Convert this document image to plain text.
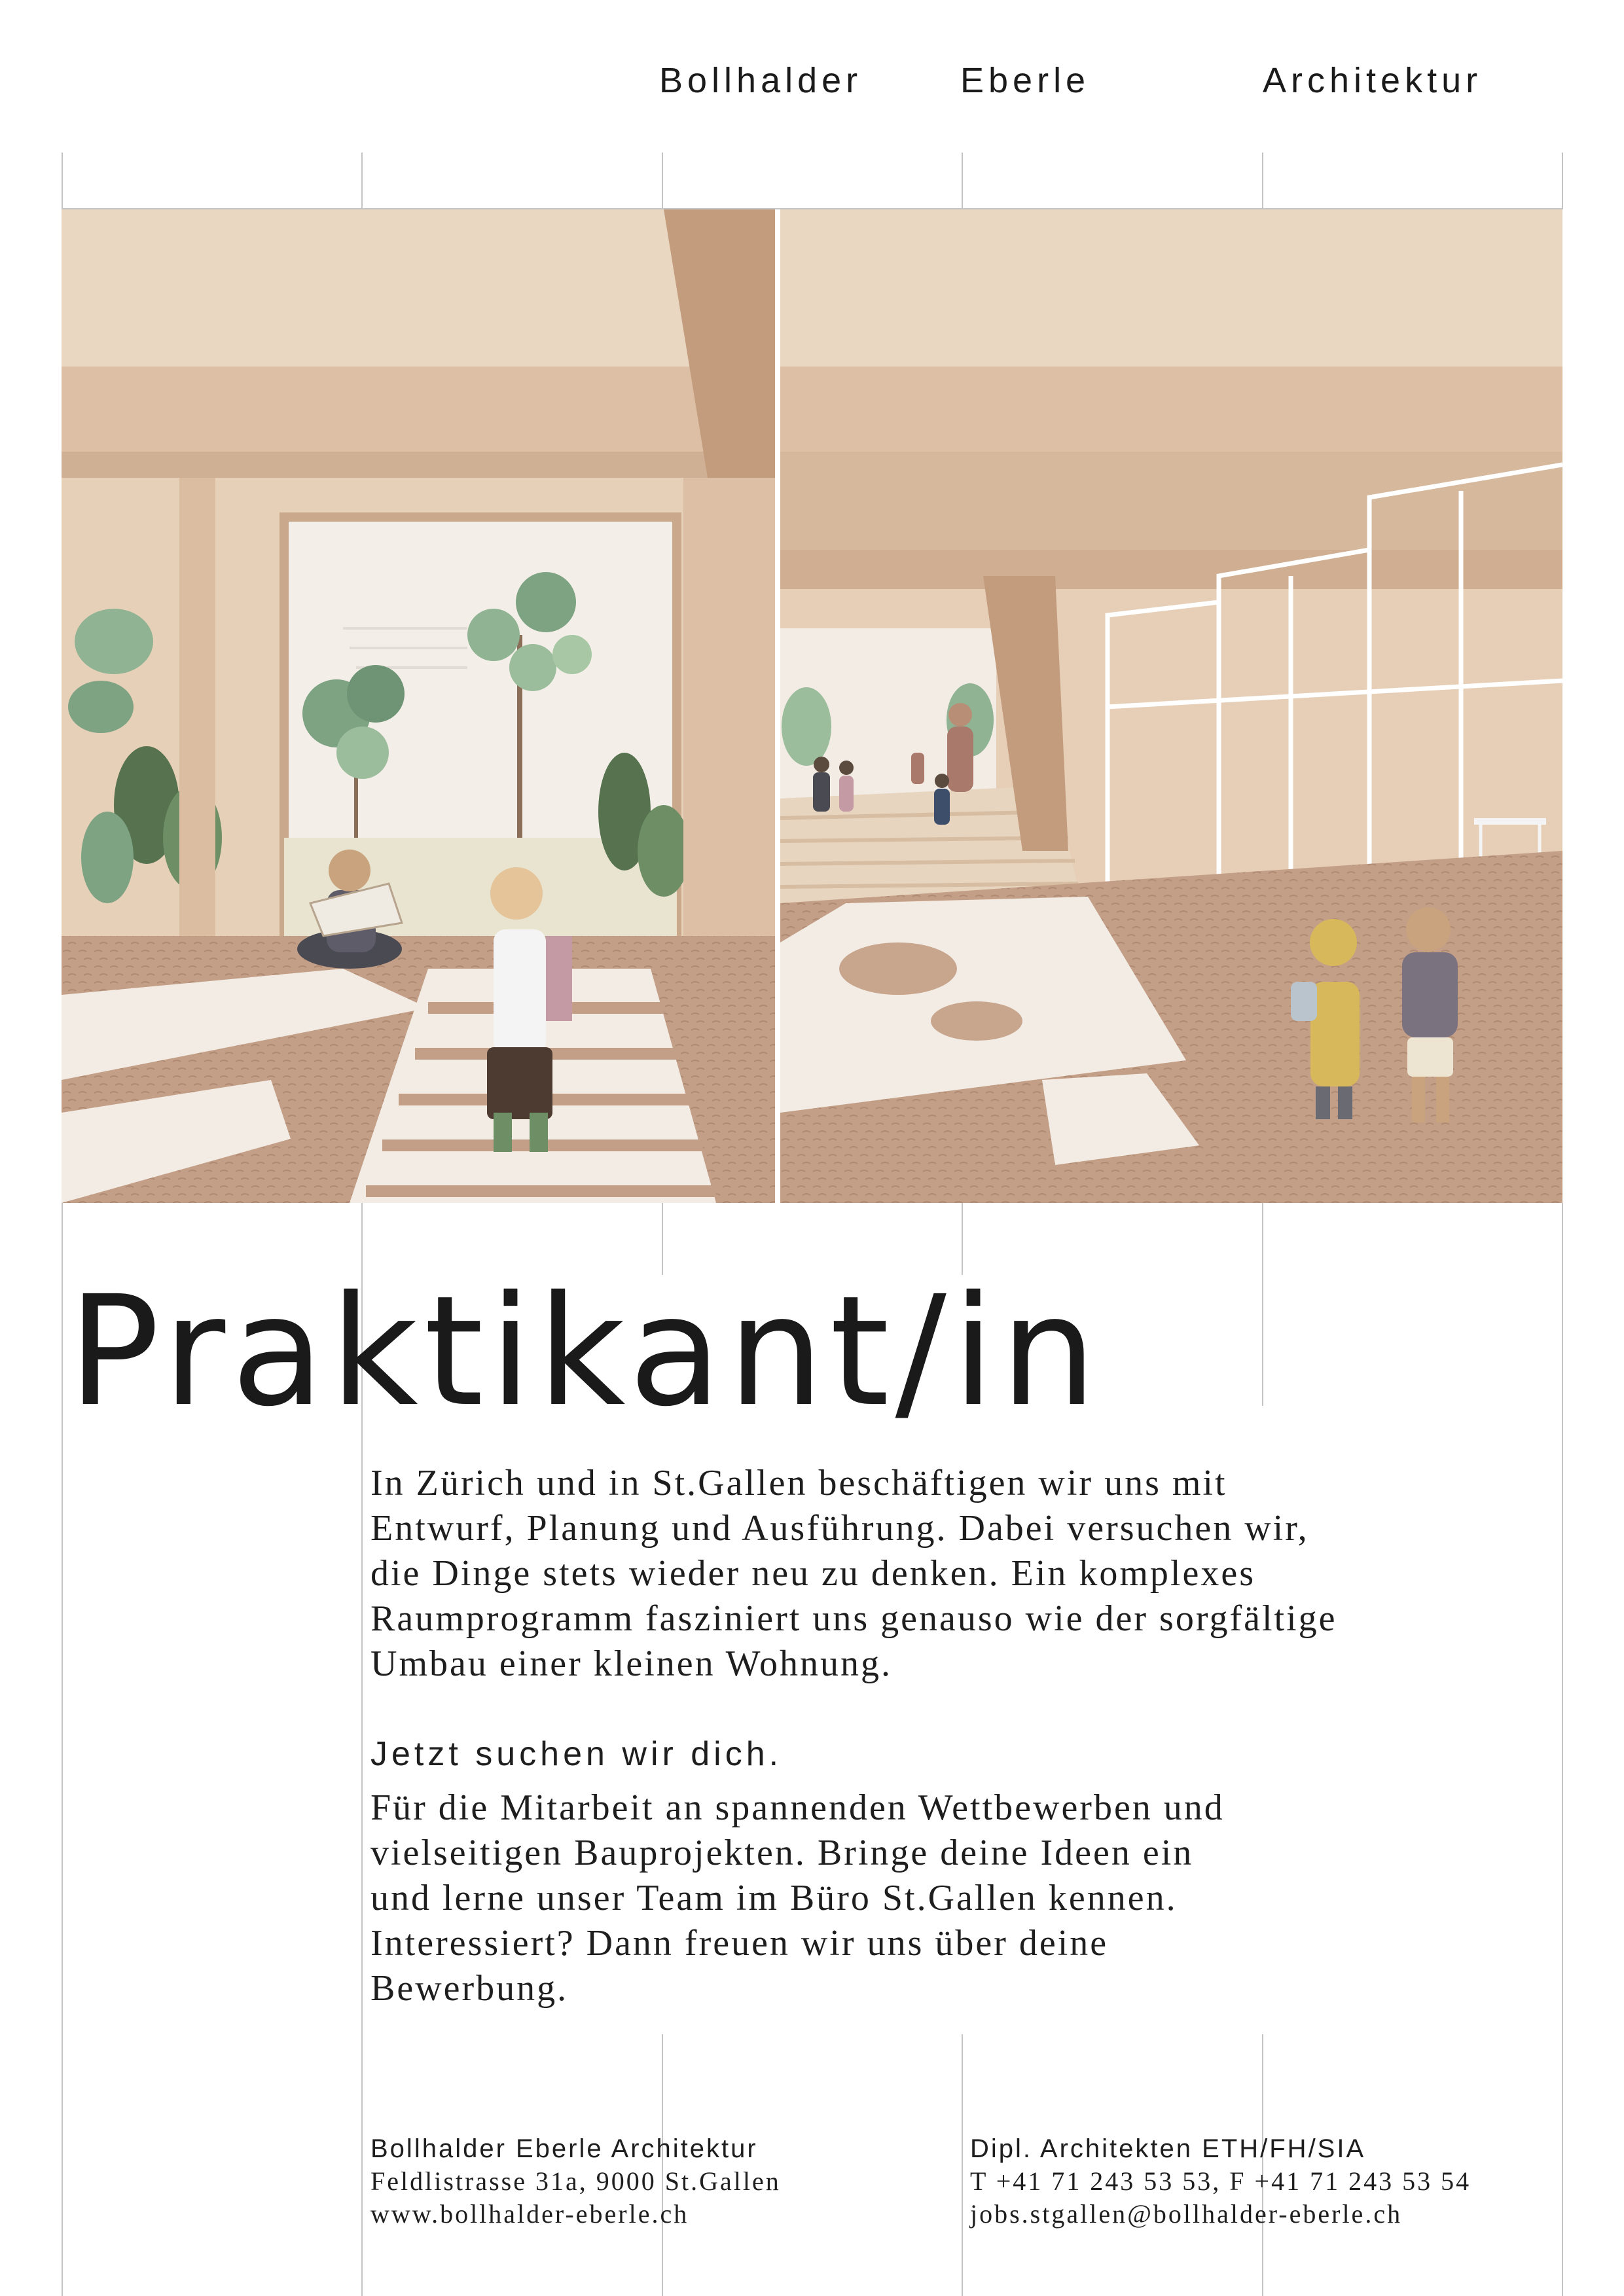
Bollhalder	Eberle	Architektur
Praktikant/in

In Zürich und in St.Gallen beschäftigen wir uns mit

Entwurf, Planung und Ausführung. Dabei versuchen wir,

die Dinge stets wieder neu zu denken. Ein komplexes

Raumprogramm fasziniert uns genauso wie der sorgfältige

Umbau einer kleinen Wohnung.

Jetzt suchen wir dich.

Für die Mitarbeit an spannenden Wettbewerben und

vielseitigen Bauprojekten. Bringe deine Ideen ein

und lerne unser Team im Büro St.Gallen kennen.

Interessiert? Dann freuen wir uns über deine

Bewerbung.

Bollhalder Eberle Architektur
Feldlistrasse 31a, 9000 St.Gallen
www.bollhalder-eberle.ch
Dipl. Architekten ETH/FH/SIA
T +41 71 243 53 53, F +41 71 243 53 54
jobs.stgallen@bollhalder-eberle.ch
